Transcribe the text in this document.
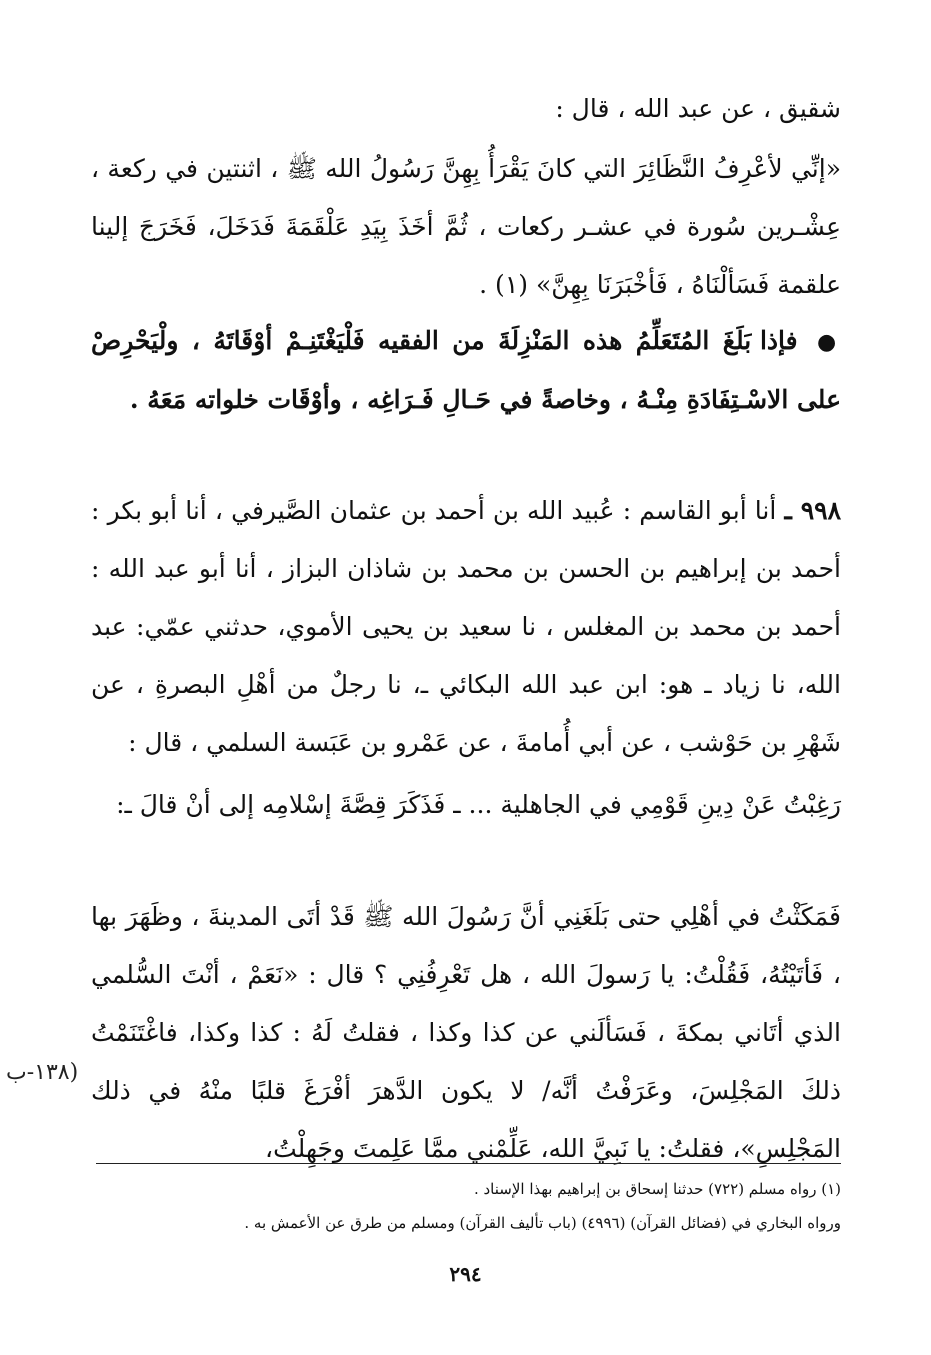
شقيق ، عن عبد الله ، قال :

«إنِّي لأعْرِفُ النَّظَائِرَ التي كانَ يَقْرَأُ بِهِنَّ رَسُولُ الله ﷺ ، اثنتين في ركعة ، عِشْـرين سُورة في عشـر ركعات ، ثُمَّ أخَذَ بِيَدِ عَلْقَمَةَ فَدَخَلَ، فَخَرَجَ إلينا علقمة فَسَألْنَاهُ ، فَأخْبَرَنَا بِهِنَّ» (١) .

● فإذا بَلَغَ المُتَعَلِّمُ هذه المَنْزِلَةَ من الفقيه فَلْيَغْتَنِـمْ أوْقَاتَهُ ، ولْيَحْرِصْ على الاسْـتِفَادَةِ مِنْـهُ ، وخاصةً في حَـالِ فَـرَاغِه ، وأوْقَات خلواته مَعَهُ .

٩٩٨ ـ أنا أبو القاسم : عُبيد الله بن أحمد بن عثمان الصَّيرفي ، أنا أبو بكر : أحمد بن إبراهيم بن الحسن بن محمد بن شاذان البزاز ، أنا أبو عبد الله : أحمد بن محمد بن المغلس ، نا سعيد بن يحيى الأموي، حدثني عمّي: عبد الله، نا زياد ـ هو: ابن عبد الله البكائي ـ، نا رجلٌ من أهْلِ البصرةِ ، عن شَهْرِ بن حَوْشب ، عن أبي أُمامةَ ، عن عَمْرو بن عَبَسة السلمي ، قال :

رَغِبْتُ عَنْ دِينِ قَوْمِي في الجاهلية ... ـ فَذَكَرَ قِصَّةَ إسْلامِه إلى أنْ قالَ ـ:

فَمَكَثْتُ في أهْلِي حتى بَلَغَنِي أنَّ رَسُولَ الله ﷺ قَدْ أتَى المدينةَ ، وظَهَرَ بها ، فَأتَيْتُهُ، فَقُلْتُ: يا رَسولَ الله ، هل تَعْرِفُنِي ؟ قال : «نَعَمْ ، أنْتَ السُّلمي الذي أتَاني بمكةَ ، فَسَألَني عن كذا وكذا ، فقلتُ لَهُ : كذا وكذا، فاغْتَنَمْتُ ذلكَ المَجْلِسَ، وعَرَفْتُ أنَّه/ لا يكون الدَّهرَ أفْرَغَ قلبًا منْهُ في ذلك المَجْلِسِ»، فقلتُ: يا نَبِيَّ الله، عَلِّمْني ممَّا عَلِمتَ وجَهِلْتُ،

(١٣٨-ب

(١) رواه مسلم (٧٢٢) حدثنا إسحاق بن إبراهيم بهذا الإسناد .

ورواه البخاري في (فضائل القرآن) (٤٩٩٦) (باب تأليف القرآن) ومسلم من طرق عن الأعمش به .

٢٩٤
